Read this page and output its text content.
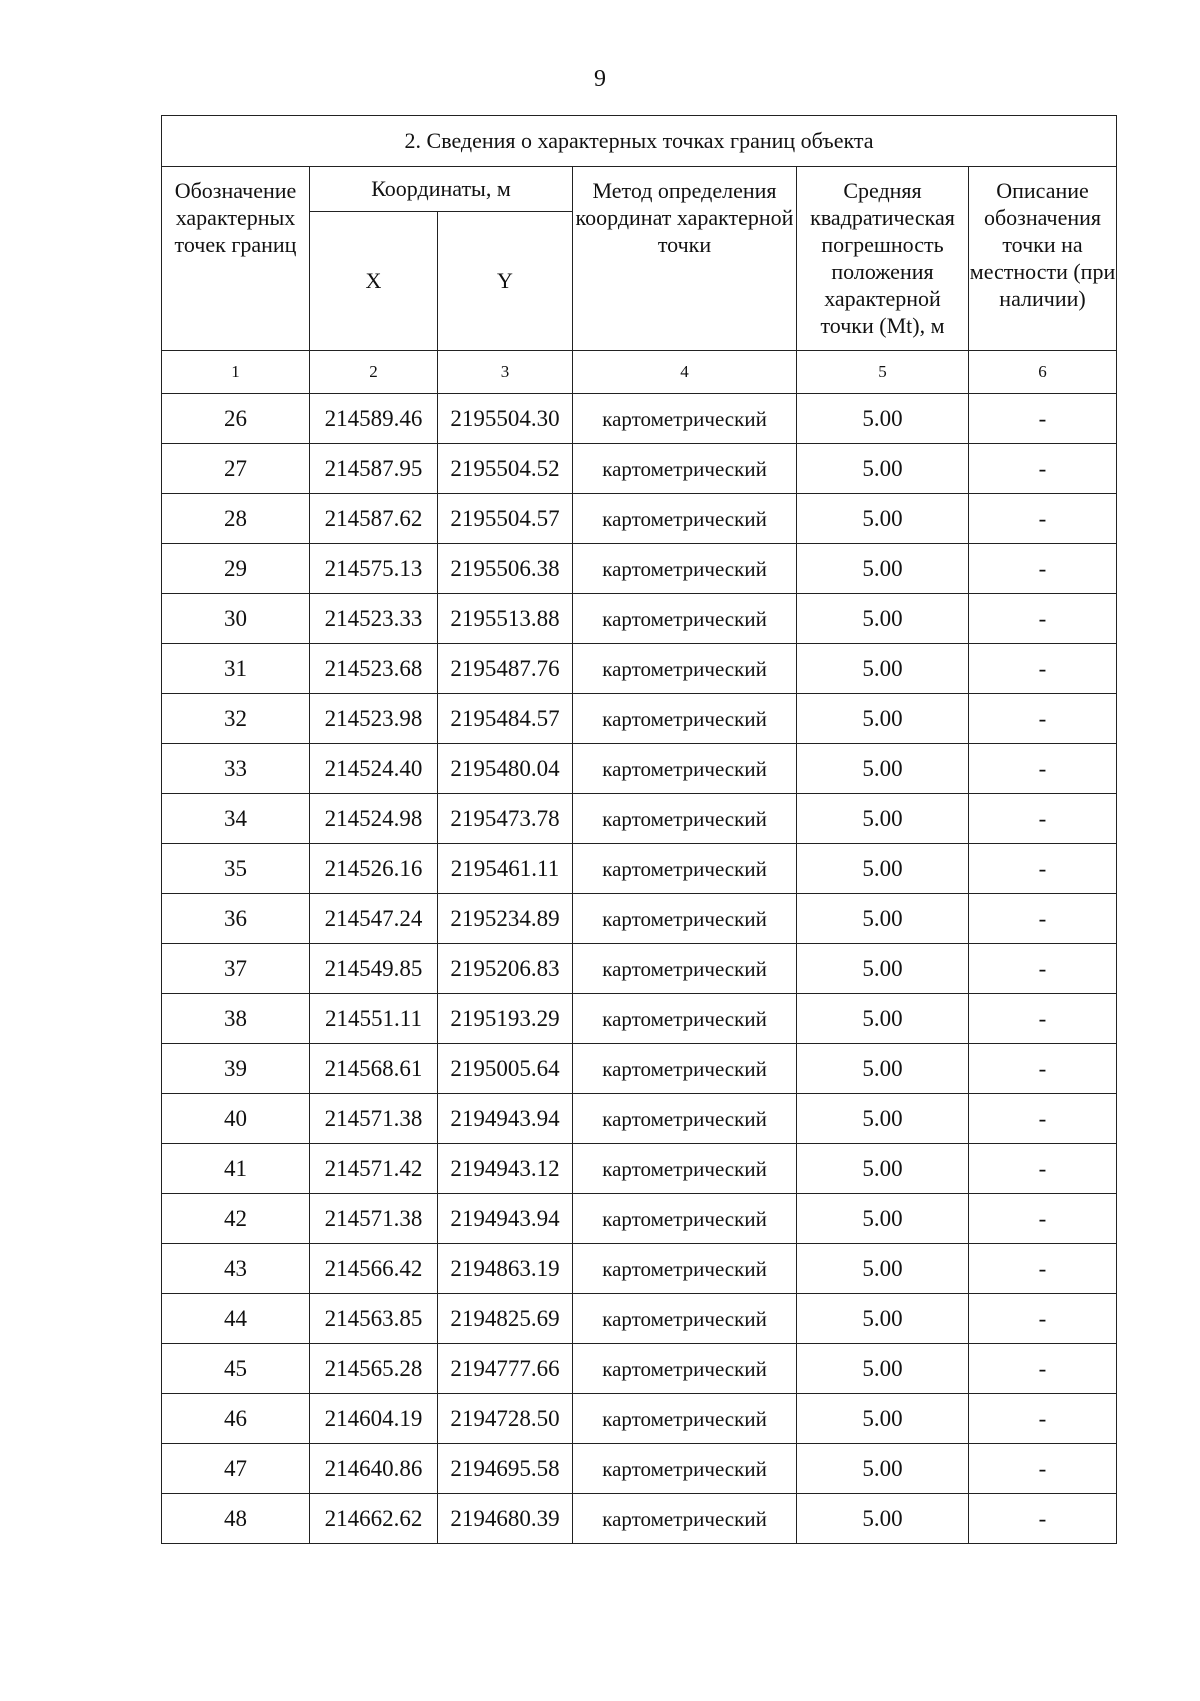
9
2. Сведения о характерных точках границ объекта					
Обозначение характерных точек границ	Координаты, м		Метод определения координат характерной точки	Средняя квадратическая погрешность положения характерной точки (Mt), м	Описание обозначения точки на местности (при наличии)
	X	Y			
1	2	3	4	5	6
26	214589.46	2195504.30	картометрический	5.00	-
27	214587.95	2195504.52	картометрический	5.00	-
28	214587.62	2195504.57	картометрический	5.00	-
29	214575.13	2195506.38	картометрический	5.00	-
30	214523.33	2195513.88	картометрический	5.00	-
31	214523.68	2195487.76	картометрический	5.00	-
32	214523.98	2195484.57	картометрический	5.00	-
33	214524.40	2195480.04	картометрический	5.00	-
34	214524.98	2195473.78	картометрический	5.00	-
35	214526.16	2195461.11	картометрический	5.00	-
36	214547.24	2195234.89	картометрический	5.00	-
37	214549.85	2195206.83	картометрический	5.00	-
38	214551.11	2195193.29	картометрический	5.00	-
39	214568.61	2195005.64	картометрический	5.00	-
40	214571.38	2194943.94	картометрический	5.00	-
41	214571.42	2194943.12	картометрический	5.00	-
42	214571.38	2194943.94	картометрический	5.00	-
43	214566.42	2194863.19	картометрический	5.00	-
44	214563.85	2194825.69	картометрический	5.00	-
45	214565.28	2194777.66	картометрический	5.00	-
46	214604.19	2194728.50	картометрический	5.00	-
47	214640.86	2194695.58	картометрический	5.00	-
48	214662.62	2194680.39	картометрический	5.00	-
